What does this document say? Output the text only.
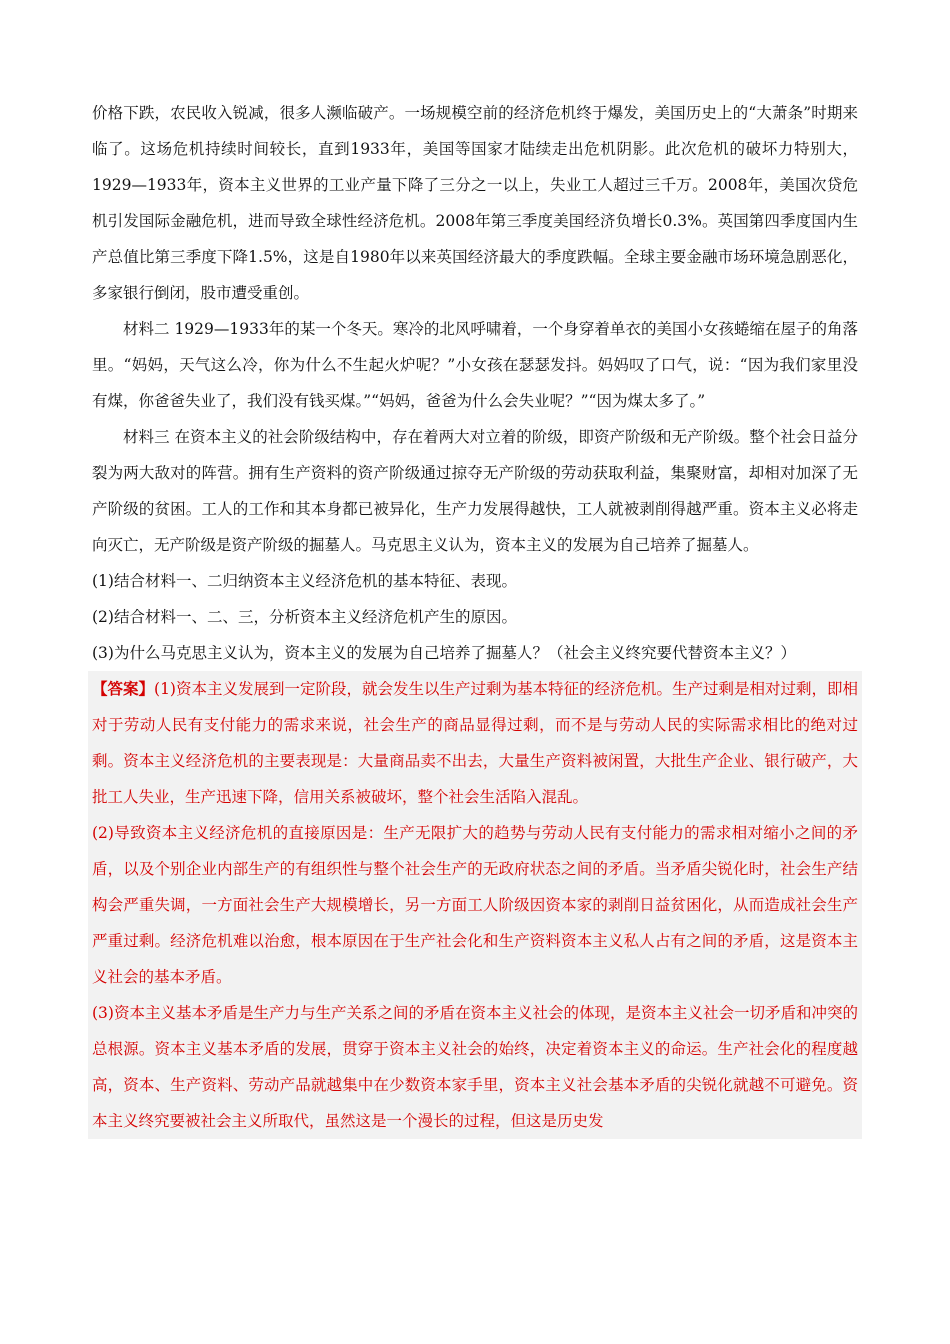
价格下跌，农民收入锐减，很多人濒临破产。一场规模空前的经济危机终于爆发，美国历史上的“大萧条”时期来临了。这场危机持续时间较长，直到1933年，美国等国家才陆续走出危机阴影。此次危机的破坏力特别大，1929—1933年，资本主义世界的工业产量下降了三分之一以上，失业工人超过三千万。2008年，美国次贷危机引发国际金融危机，进而导致全球性经济危机。2008年第三季度美国经济负增长0.3%。英国第四季度国内生产总值比第三季度下降1.5%，这是自1980年以来英国经济最大的季度跌幅。全球主要金融市场环境急剧恶化，多家银行倒闭，股市遭受重创。

材料二 1929—1933年的某一个冬天。寒冷的北风呼啸着，一个身穿着单衣的美国小女孩蜷缩在屋子的角落里。“妈妈，天气这么冷，你为什么不生起火炉呢？”小女孩在瑟瑟发抖。妈妈叹了口气，说：“因为我们家里没有煤，你爸爸失业了，我们没有钱买煤。”“妈妈，爸爸为什么会失业呢？”“因为煤太多了。”

材料三 在资本主义的社会阶级结构中，存在着两大对立着的阶级，即资产阶级和无产阶级。整个社会日益分裂为两大敌对的阵营。拥有生产资料的资产阶级通过掠夺无产阶级的劳动获取利益，集聚财富，却相对加深了无产阶级的贫困。工人的工作和其本身都已被异化，生产力发展得越快，工人就被剥削得越严重。资本主义必将走向灭亡，无产阶级是资产阶级的掘墓人。马克思主义认为，资本主义的发展为自己培养了掘墓人。

(1)结合材料一、二归纳资本主义经济危机的基本特征、表现。

(2)结合材料一、二、三，分析资本主义经济危机产生的原因。

(3)为什么马克思主义认为，资本主义的发展为自己培养了掘墓人？（社会主义终究要代替资本主义？）

【答案】(1)资本主义发展到一定阶段，就会发生以生产过剩为基本特征的经济危机。生产过剩是相对过剩，即相对于劳动人民有支付能力的需求来说，社会生产的商品显得过剩，而不是与劳动人民的实际需求相比的绝对过剩。资本主义经济危机的主要表现是：大量商品卖不出去，大量生产资料被闲置，大批生产企业、银行破产，大批工人失业，生产迅速下降，信用关系被破坏，整个社会生活陷入混乱。

(2)导致资本主义经济危机的直接原因是：生产无限扩大的趋势与劳动人民有支付能力的需求相对缩小之间的矛盾，以及个别企业内部生产的有组织性与整个社会生产的无政府状态之间的矛盾。当矛盾尖锐化时，社会生产结构会严重失调，一方面社会生产大规模增长，另一方面工人阶级因资本家的剥削日益贫困化，从而造成社会生产严重过剩。经济危机难以治愈，根本原因在于生产社会化和生产资料资本主义私人占有之间的矛盾，这是资本主义社会的基本矛盾。

(3)资本主义基本矛盾是生产力与生产关系之间的矛盾在资本主义社会的体现，是资本主义社会一切矛盾和冲突的总根源。资本主义基本矛盾的发展，贯穿于资本主义社会的始终，决定着资本主义的命运。生产社会化的程度越高，资本、生产资料、劳动产品就越集中在少数资本家手里，资本主义社会基本矛盾的尖锐化就越不可避免。资本主义终究要被社会主义所取代，虽然这是一个漫长的过程，但这是历史发
